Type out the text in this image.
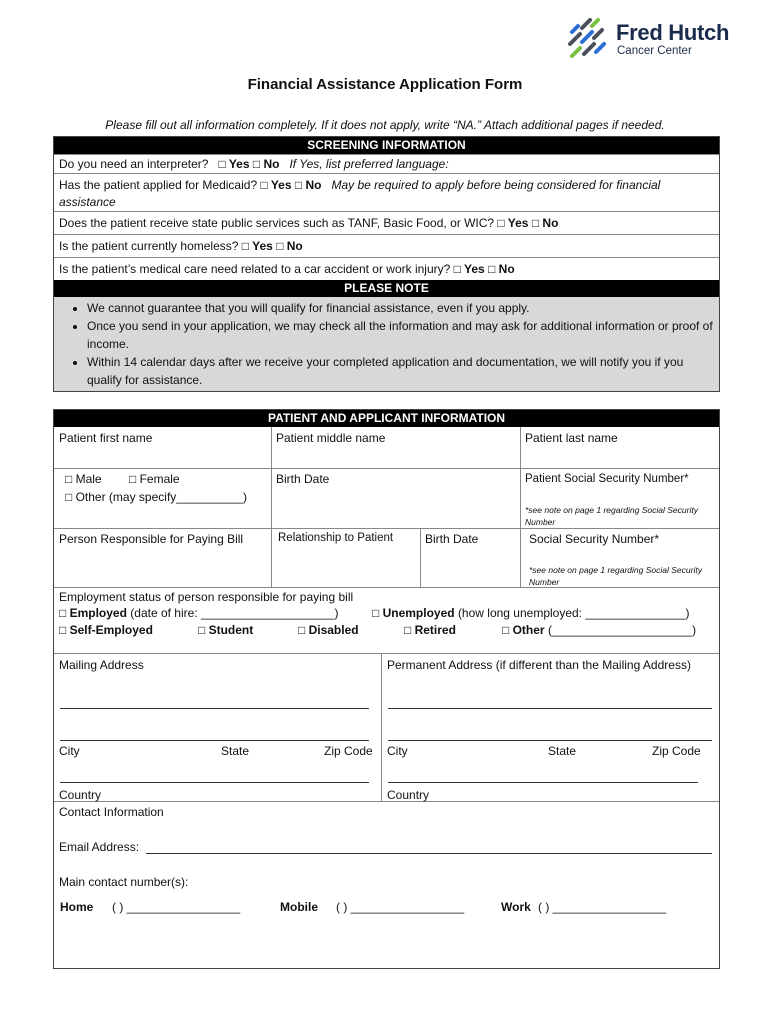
Fred Hutch
Cancer Center
Financial Assistance Application Form
Please fill out all information completely. If it does not apply, write “NA.” Attach additional pages if needed.
SCREENING INFORMATION
Do you need an interpreter? □ Yes □ No If Yes, list preferred language:
Has the patient applied for Medicaid? □ Yes □ No May be required to apply before being considered for financial assistance
Does the patient receive state public services such as TANF, Basic Food, or WIC? □ Yes □ No
Is the patient currently homeless? □ Yes □ No
Is the patient’s medical care need related to a car accident or work injury? □ Yes □ No
PLEASE NOTE
• We cannot guarantee that you will qualify for financial assistance, even if you apply.
• Once you send in your application, we may check all the information and may ask for additional information or proof of income.
• Within 14 calendar days after we receive your completed application and documentation, we will notify you if you qualify for assistance.
PATIENT AND APPLICANT INFORMATION
Patient first name	Patient middle name	Patient last name
□ Male	□ Female
□ Other (may specify__________)
Birth Date	Patient Social Security Number*
*see note on page 1 regarding Social Security Number
Person Responsible for Paying Bill	Relationship to Patient	Birth Date	Social Security Number*
*see note on page 1 regarding Social Security Number
Employment status of person responsible for paying bill
□ Employed (date of hire: ____________________)	□ Unemployed (how long unemployed: _______________)
□ Self-Employed	□ Student	□ Disabled	□ Retired	□ Other (_____________________)
Mailing Address	Permanent Address (if different than the Mailing Address)
City	State	Zip Code	City	State	Zip Code
Country	Country
Contact Information
Email Address:
Main contact number(s):
Home ( ) _________________	Mobile ( ) _________________	Work ( ) _________________
